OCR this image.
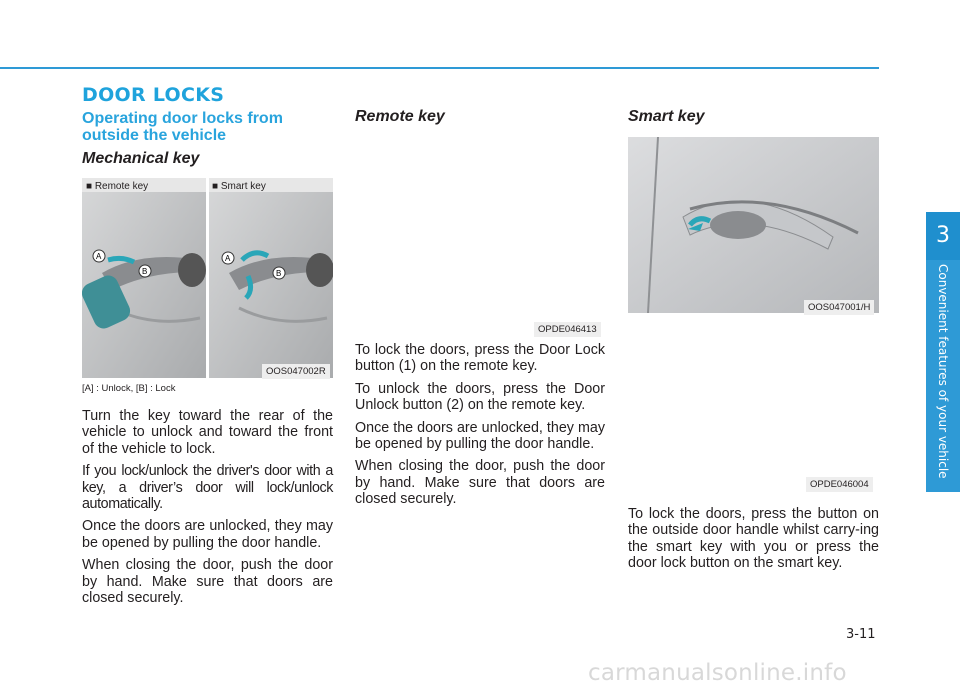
DOOR LOCKS
Operating door locks from outside the vehicle
Mechanical key
A
B
A
B
■ Remote key	■ Smart key
OOS047002R
[A] : Unlock, [B] : Lock

Turn the key toward the rear of the vehicle to unlock and toward the front of the vehicle to lock.

If you lock/unlock the driver's door with a key, a driver’s door will lock/unlock automatically.

Once the doors are unlocked, they may be opened by pulling the door handle.

When closing the door, push the door by hand. Make sure that doors are closed securely.

Remote key
OPDE046413

To lock the doors, press the Door Lock button (1) on the remote key.

To unlock the doors, press the Door Unlock button (2) on the remote key.

Once the doors are unlocked, they may be opened by pulling the door handle.

When closing the door, push the door by hand. Make sure that doors are closed securely.

Smart key
OOS047001/H
OPDE046004

To lock the doors, press the button on the outside door handle whilst carry-ing the smart key with you or press the door lock button on the smart key.

3
Convenient features of your vehicle
3-11
carmanualsonline.info
